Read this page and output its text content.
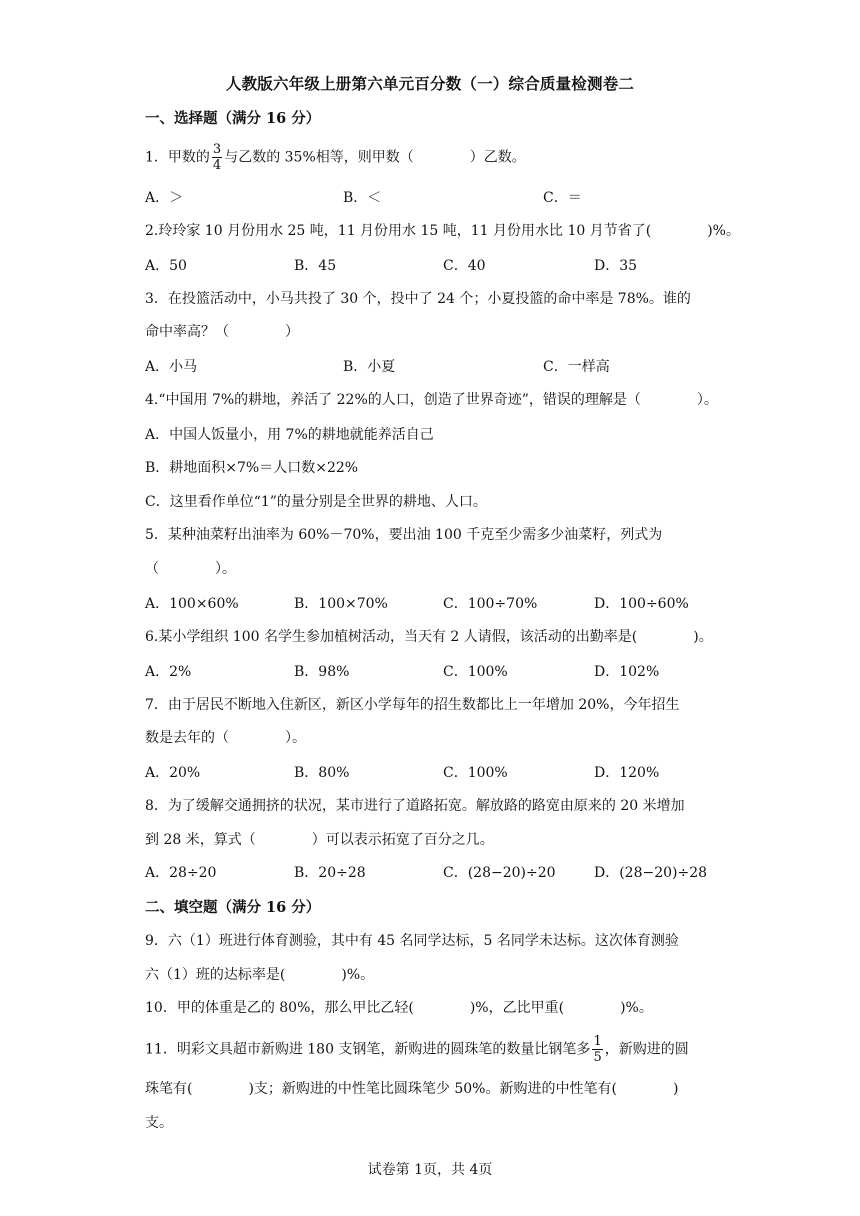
人教版六年级上册第六单元百分数（一）综合质量检测卷二
一、选择题（满分 16 分）
1．甲数的 $\frac{3}{4}$ 与乙数的 35%相等，则甲数（　　　　）乙数。
A．＞	B．＜	C．＝
2.玲玲家 10 月份用水 25 吨，11 月份用水 15 吨，11 月份用水比 10 月节省了(　　　　)%。
A．50	B．45	C．40	D．35
3．在投篮活动中，小马共投了 30 个，投中了 24 个；小夏投篮的命中率是 78%。谁的
命中率高？（　　　　）
A．小马	B．小夏	C．一样高
4.“中国用 7%的耕地，养活了 22%的人口，创造了世界奇迹”，错误的理解是（　　　　）。
A．中国人饭量小，用 7%的耕地就能养活自己
B．耕地面积×7%＝人口数×22%
C．这里看作单位“1”的量分别是全世界的耕地、人口。
5．某种油菜籽出油率为 60%－70%，要出油 100 千克至少需多少油菜籽，列式为
（　　　　）。
A．100×60%	B．100×70%	C．100÷70%	D．100÷60%
6.某小学组织 100 名学生参加植树活动，当天有 2 人请假，该活动的出勤率是(　　　　)。
A．2%	B．98%	C．100%	D．102%
7．由于居民不断地入住新区，新区小学每年的招生数都比上一年增加 20%，今年招生
数是去年的（　　　　）。
A．20%	B．80%	C．100%	D．120%
8．为了缓解交通拥挤的状况，某市进行了道路拓宽。解放路的路宽由原来的 20 米增加
到 28 米，算式（　　　　）可以表示拓宽了百分之几。
A．28÷20	B．20÷28	C．(28−20)÷20	D．(28−20)÷28
二、填空题（满分 16 分）
9．六（1）班进行体育测验，其中有 45 名同学达标，5 名同学未达标。这次体育测验
六（1）班的达标率是(　　　　)%。
10．甲的体重是乙的 80%，那么甲比乙轻(　　　　)%，乙比甲重(　　　　)%。
11．明彩文具超市新购进 180 支钢笔，新购进的圆珠笔的数量比钢笔多 $\frac{1}{5}$ ，新购进的圆
珠笔有(　　　　)支；新购进的中性笔比圆珠笔少 50%。新购进的中性笔有(　　　　)
支。
试卷第 1页，共 4页
